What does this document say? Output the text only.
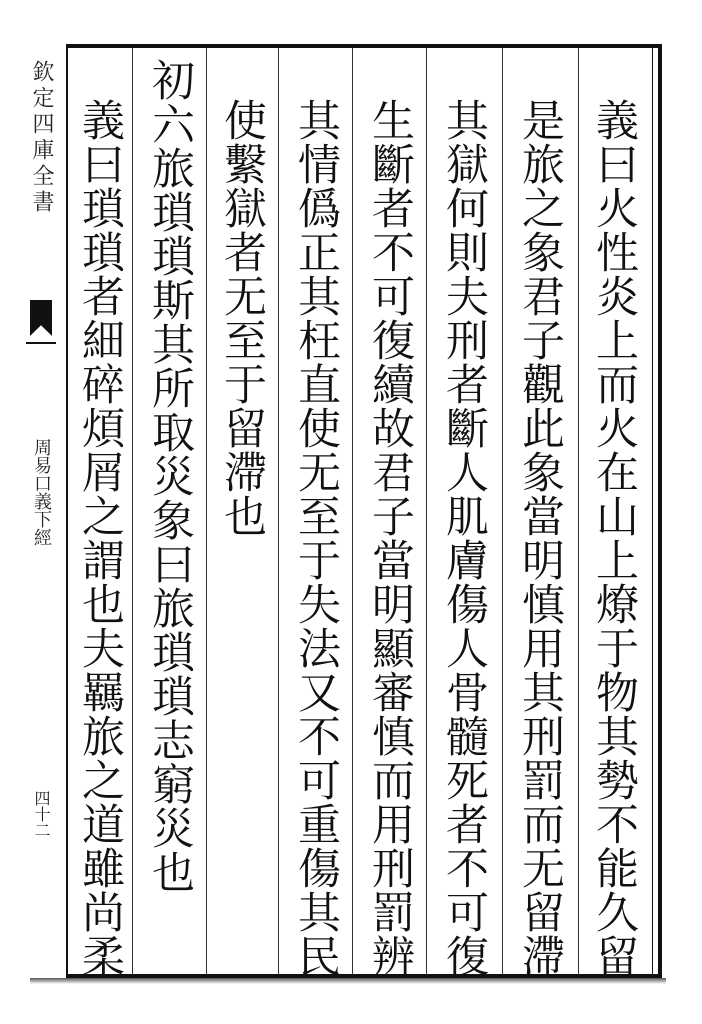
欽定四庫全書
周易口義下經
四十二	義曰火性炎上而火在山上燎于物其勢不能久留
是旅之象君子觀此象當明慎用其刑罰而无留滯
其獄何則夫刑者斷人肌膚傷人骨髓死者不可復
生斷者不可復續故君子當明顯審慎而用刑罰辨
其情僞正其枉直使无至于失法又不可重傷其民
使繫獄者无至于留滯也
初六旅瑣瑣斯其所取災象曰旅瑣瑣志窮災也
義曰瑣瑣者細碎煩屑之謂也夫羈旅之道雖尚柔
